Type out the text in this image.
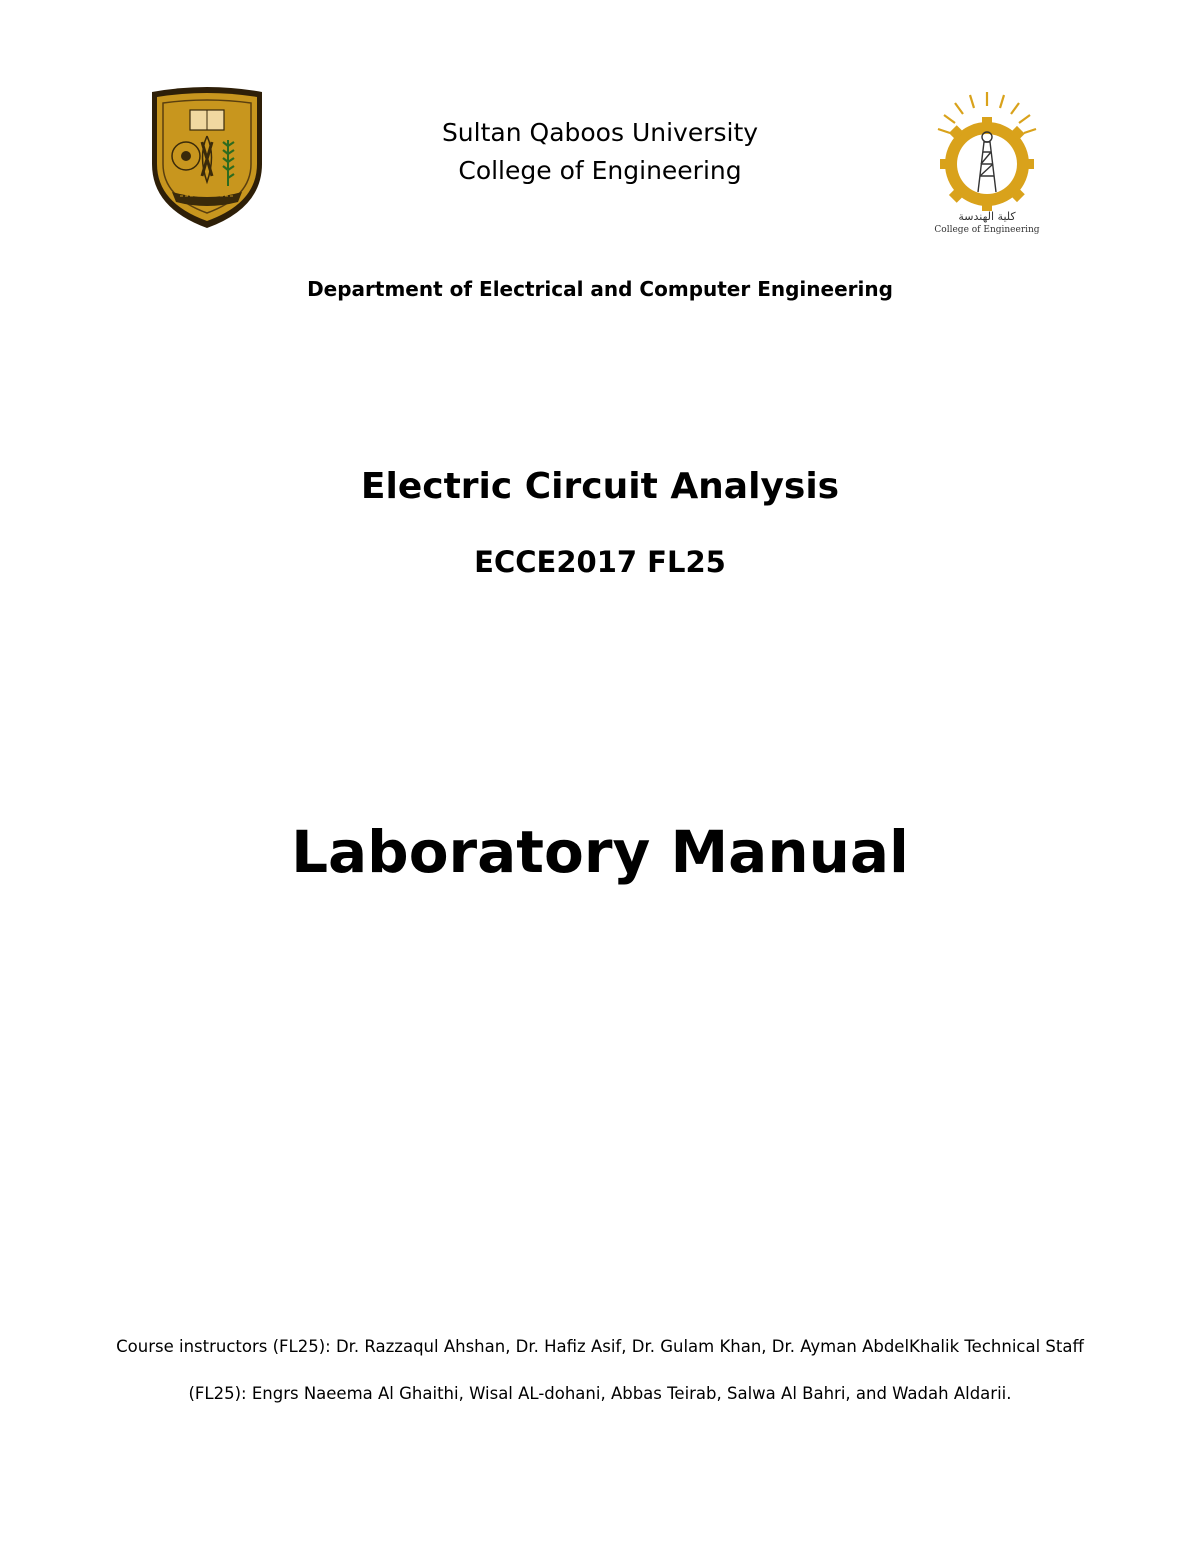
كلية الهندسة
College of Engineering
Sultan Qaboos University
College of Engineering
Department of Electrical and Computer Engineering
Electric Circuit Analysis
ECCE2017 FL25
Laboratory Manual
Course instructors (FL25): Dr. Razzaqul Ahshan, Dr. Hafiz Asif, Dr. Gulam Khan, Dr. Ayman AbdelKhalik Technical Staff
(FL25): Engrs Naeema Al Ghaithi, Wisal AL-dohani, Abbas Teirab, Salwa Al Bahri, and Wadah Aldarii.
